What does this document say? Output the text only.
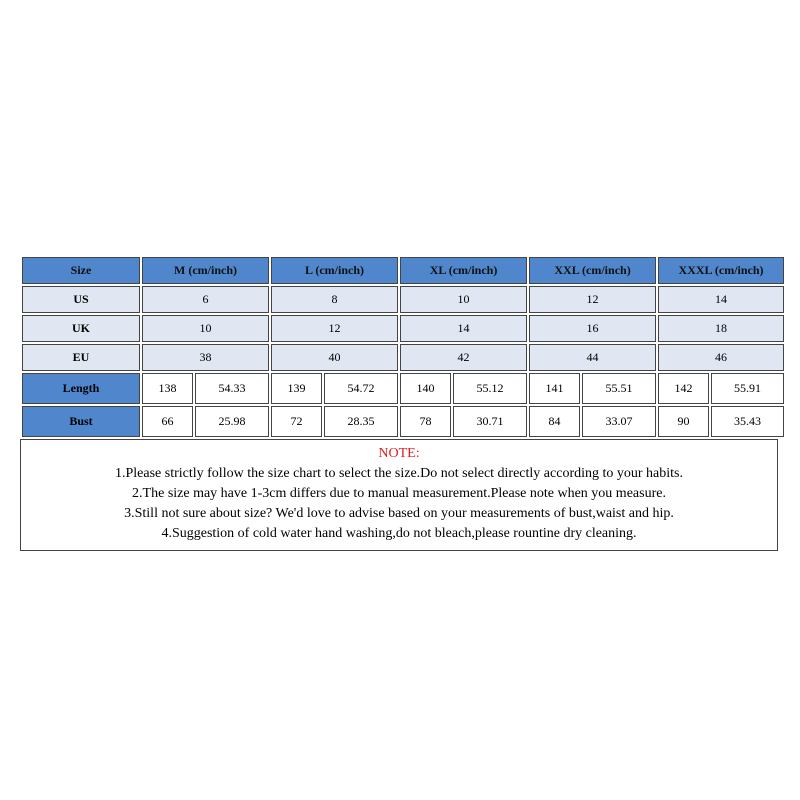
Size	M (cm/inch)		L (cm/inch)		XL (cm/inch)		XXL (cm/inch)		XXXL (cm/inch)	
US	6		8		10		12		14	
UK	10		12		14		16		18	
EU	38		40		42		44		46	
Length	138	54.33	139	54.72	140	55.12	141	55.51	142	55.91
Bust	66	25.98	72	28.35	78	30.71	84	33.07	90	35.43
NOTE:
1.Please strictly follow the size chart to select the size.Do not select directly according to your habits.
2.The size may have 1-3cm differs due to manual measurement.Please note when you measure.
3.Still not sure about size? We'd love to advise based on your measurements of bust,waist and hip.
4.Suggestion of cold water hand washing,do not bleach,please rountine dry cleaning.
